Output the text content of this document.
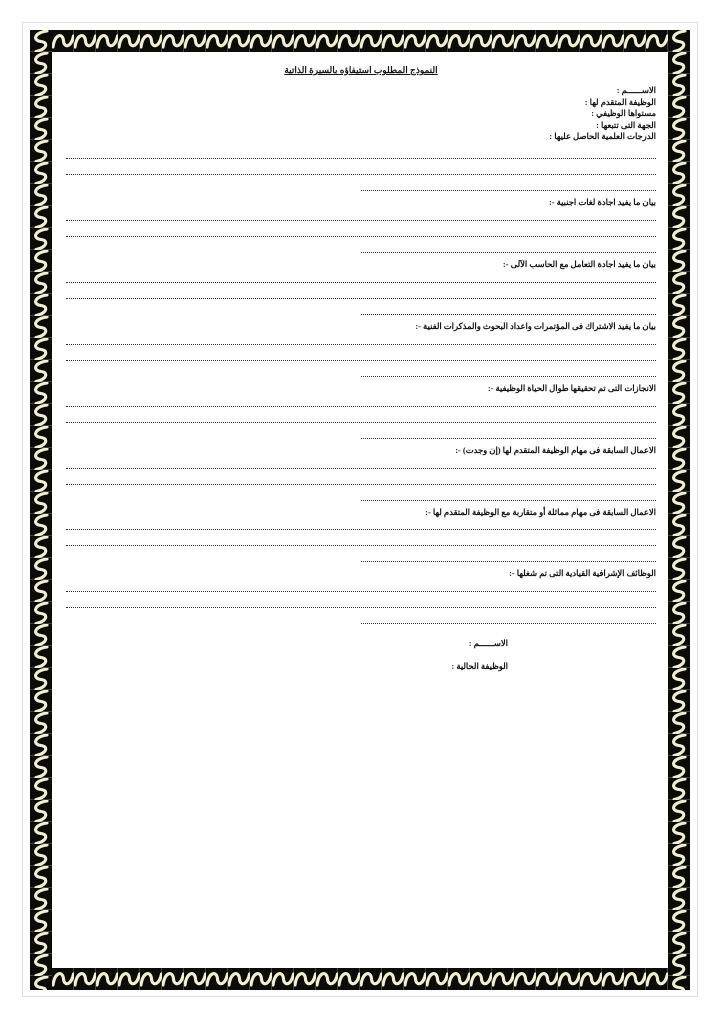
النموذج المطلوب استيفاؤه بالسيرة الذاتية
الاســــــم :
الوظيفة المتقدم لها :
مستواها الوظيفي :
الجهة التى تتبعها :
الدرجات العلمية الحاصل عليها :
بيان ما يفيد اجادة لغات اجنبية -:
بيان ما يفيد اجادة التعامل مع الحاسب الآلى -:
بيان ما يفيد الاشتراك فى المؤتمرات واعداد البحوث والمذكرات الفنية -:
الانجازات التى تم تحقيقها طوال الحياة الوظيفية -:
الاعمال السابقة فى مهام الوظيفة المتقدم لها (إن وجدت) -:
الاعمال السابقة فى مهام مماثلة أو متقاربة مع الوظيفة المتقدم لها -:
الوظائف الإشرافية القيادية التى تم شغلها -:
الاســــــم :
الوظيفة الحالية :
